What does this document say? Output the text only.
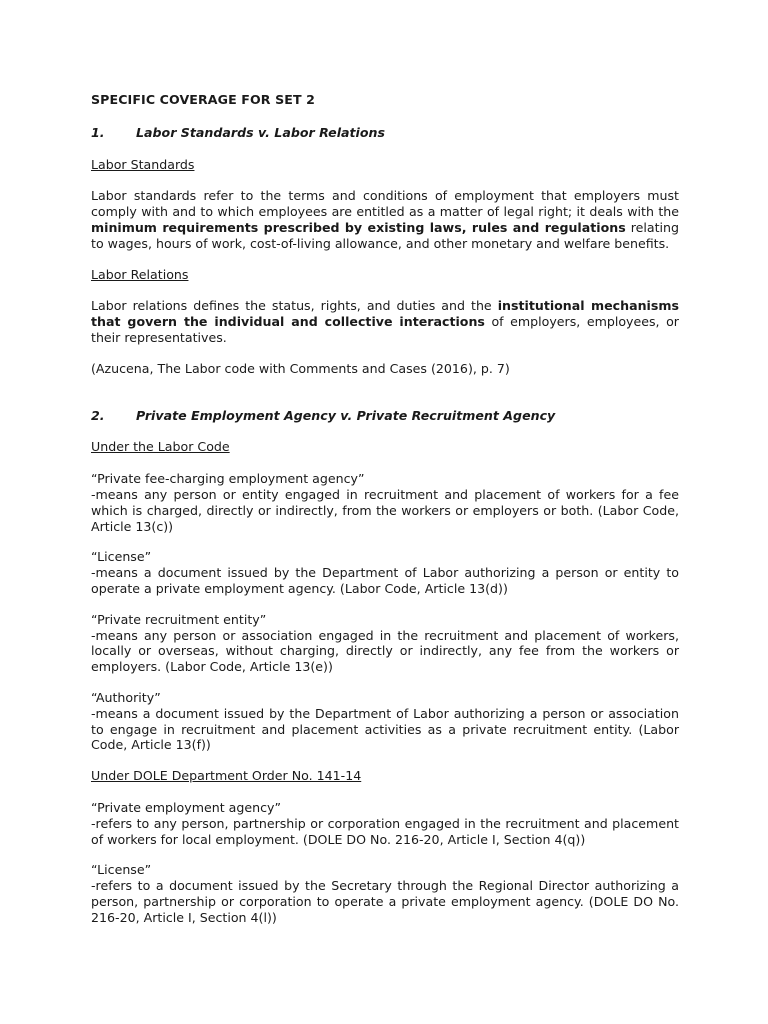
SPECIFIC COVERAGE FOR SET 2
1.	Labor Standards v. Labor Relations
Labor Standards

Labor standards refer to the terms and conditions of employment that employers must comply with and to which employees are entitled as a matter of legal right; it deals with the minimum requirements prescribed by existing laws, rules and regulations relating to wages, hours of work, cost-of-living allowance, and other monetary and welfare benefits.

Labor Relations

Labor relations defines the status, rights, and duties and the institutional mechanisms that govern the individual and collective interactions of employers, employees, or their representatives.

(Azucena, The Labor code with Comments and Cases (2016), p. 7)

2.	Private Employment Agency v. Private Recruitment Agency
Under the Labor Code
“Private fee-charging employment agency”
-means any person or entity engaged in recruitment and placement of workers for a fee which is charged, directly or indirectly, from the workers or employers or both. (Labor Code, Article 13(c))
“License”
-means a document issued by the Department of Labor authorizing a person or entity to operate a private employment agency. (Labor Code, Article 13(d))
“Private recruitment entity”
-means any person or association engaged in the recruitment and placement of workers, locally or overseas, without charging, directly or indirectly, any fee from the workers or employers. (Labor Code, Article 13(e))
“Authority”
-means a document issued by the Department of Labor authorizing a person or association to engage in recruitment and placement activities as a private recruitment entity. (Labor Code, Article 13(f))
Under DOLE Department Order No. 141-14
“Private employment agency”
-refers to any person, partnership or corporation engaged in the recruitment and placement of workers for local employment. (DOLE DO No. 216-20, Article I, Section 4(q))
“License”
-refers to a document issued by the Secretary through the Regional Director authorizing a person, partnership or corporation to operate a private employment agency. (DOLE DO No. 216-20, Article I, Section 4(l))
